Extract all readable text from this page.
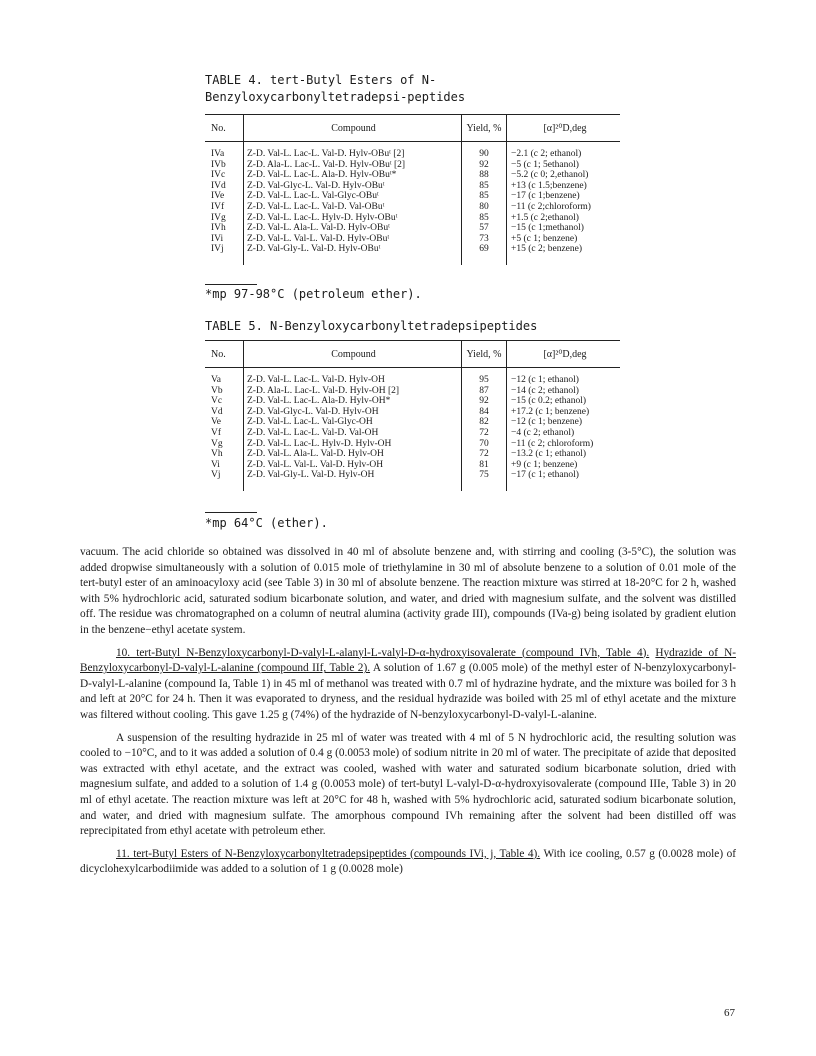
TABLE 4. tert-Butyl Esters of N-Benzyloxycarbonyltetradepsi-peptides
No.	Compound	Yield, %	[α]²⁰D,deg
IVa	Z-D. Val-L. Lac-L. Val-D. Hylv-OBuᵗ [2]	90	−2.1 (c 2; ethanol)
IVb	Z-D. Ala-L. Lac-L. Val-D. Hylv-OBuᵗ [2]	92	−5 (c 1; 5ethanol)
IVc	Z-D. Val-L. Lac-L. Ala-D. Hylv-OBuᵗ*	88	−5.2 (c 0; 2,ethanol)
IVd	Z-D. Val-Glyc-L. Val-D. Hylv-OBuᵗ	85	+13 (c 1.5;benzene)
IVe	Z-D. Val-L. Lac-L. Val-Glyc-OBuᵗ	85	−17 (c 1;benzene)
IVf	Z-D. Val-L. Lac-L. Val-D. Val-OBuᵗ	80	−11 (c 2;chloroform)
IVg	Z-D. Val-L. Lac-L. Hylv-D. Hylv-OBuᵗ	85	+1.5 (c 2;ethanol)
IVh	Z-D. Val-L. Ala-L. Val-D. Hylv-OBuᵗ	57	−15 (c 1;methanol)
IVi	Z-D. Val-L. Val-L. Val-D. Hylv-OBuᵗ	73	+5 (c 1; benzene)
IVj	Z-D. Val-Gly-L. Val-D. Hylv-OBuᵗ	69	+15 (c 2; benzene)
*mp 97-98°C (petroleum ether).
TABLE 5. N-Benzyloxycarbonyltetradepsipeptides
No.	Compound	Yield, %	[α]²⁰D,deg
Va	Z-D. Val-L. Lac-L. Val-D. Hylv-OH	95	−12 (c 1; ethanol)
Vb	Z-D. Ala-L. Lac-L. Val-D. Hylv-OH [2]	87	−14 (c 2; ethanol)
Vc	Z-D. Val-L. Lac-L. Ala-D. Hylv-OH*	92	−15 (c 0.2; ethanol)
Vd	Z-D. Val-Glyc-L. Val-D. Hylv-OH	84	+17.2 (c 1; benzene)
Ve	Z-D. Val-L. Lac-L. Val-Glyc-OH	82	−12 (c 1; benzene)
Vf	Z-D. Val-L. Lac-L. Val-D. Val-OH	72	−4 (c 2; ethanol)
Vg	Z-D. Val-L. Lac-L. Hylv-D. Hylv-OH	70	−11 (c 2; chloroform)
Vh	Z-D. Val-L. Ala-L. Val-D. Hylv-OH	72	−13.2 (c 1; ethanol)
Vi	Z-D. Val-L. Val-L. Val-D. Hylv-OH	81	+9 (c 1; benzene)
Vj	Z-D. Val-Gly-L. Val-D. Hylv-OH	75	−17 (c 1; ethanol)
*mp 64°C (ether).

vacuum. The acid chloride so obtained was dissolved in 40 ml of absolute benzene and, with stirring and cooling (3-5°C), the solution was added dropwise simultaneously with a solution of 0.015 mole of triethylamine in 30 ml of absolute benzene to a solution of 0.01 mole of the tert-butyl ester of an aminoacyloxy acid (see Table 3) in 30 ml of absolute benzene. The reaction mixture was stirred at 18-20°C for 2 h, washed with 5% hydrochloric acid, saturated sodium bicarbonate solution, and water, and dried with magnesium sulfate, and the solvent was distilled off. The residue was chromatographed on a column of neutral alumina (activity grade III), compounds (IVa-g) being isolated by gradient elution in the benzene−ethyl acetate system.

10. tert-Butyl N-Benzyloxycarbonyl-D-valyl-L-alanyl-L-valyl-D-α-hydroxyisovalerate (compound IVh, Table 4). Hydrazide of N-Benzyloxycarbonyl-D-valyl-L-alanine (compound IIf, Table 2). A solution of 1.67 g (0.005 mole) of the methyl ester of N-benzyloxycarbonyl-D-valyl-L-alanine (compound Ia, Table 1) in 45 ml of methanol was treated with 0.7 ml of hydrazine hydrate, and the mixture was boiled for 3 h and left at 20°C for 24 h. Then it was evaporated to dryness, and the residual hydrazide was boiled with 25 ml of ethyl acetate and the mixture was filtered without cooling. This gave 1.25 g (74%) of the hydrazide of N-benzyloxycarbonyl-D-valyl-L-alanine.

A suspension of the resulting hydrazide in 25 ml of water was treated with 4 ml of 5 N hydrochloric acid, the resulting solution was cooled to −10°C, and to it was added a solution of 0.4 g (0.0053 mole) of sodium nitrite in 20 ml of water. The precipitate of azide that deposited was extracted with ethyl acetate, and the extract was cooled, washed with water and saturated sodium bicarbonate solution, dried with magnesium sulfate, and added to a solution of 1.4 g (0.0053 mole) of tert-butyl L-valyl-D-α-hydroxyisovalerate (compound IIIe, Table 3) in 20 ml of ethyl acetate. The reaction mixture was left at 20°C for 48 h, washed with 5% hydrochloric acid, saturated sodium bicarbonate solution, and water, and dried with magnesium sulfate. The amorphous compound IVh remaining after the solvent had been distilled off was reprecipitated from ethyl acetate with petroleum ether.

11. tert-Butyl Esters of N-Benzyloxycarbonyltetradepsipeptides (compounds IVi, j, Table 4). With ice cooling, 0.57 g (0.0028 mole) of dicyclohexylcarbodiimide was added to a solution of 1 g (0.0028 mole)

67
